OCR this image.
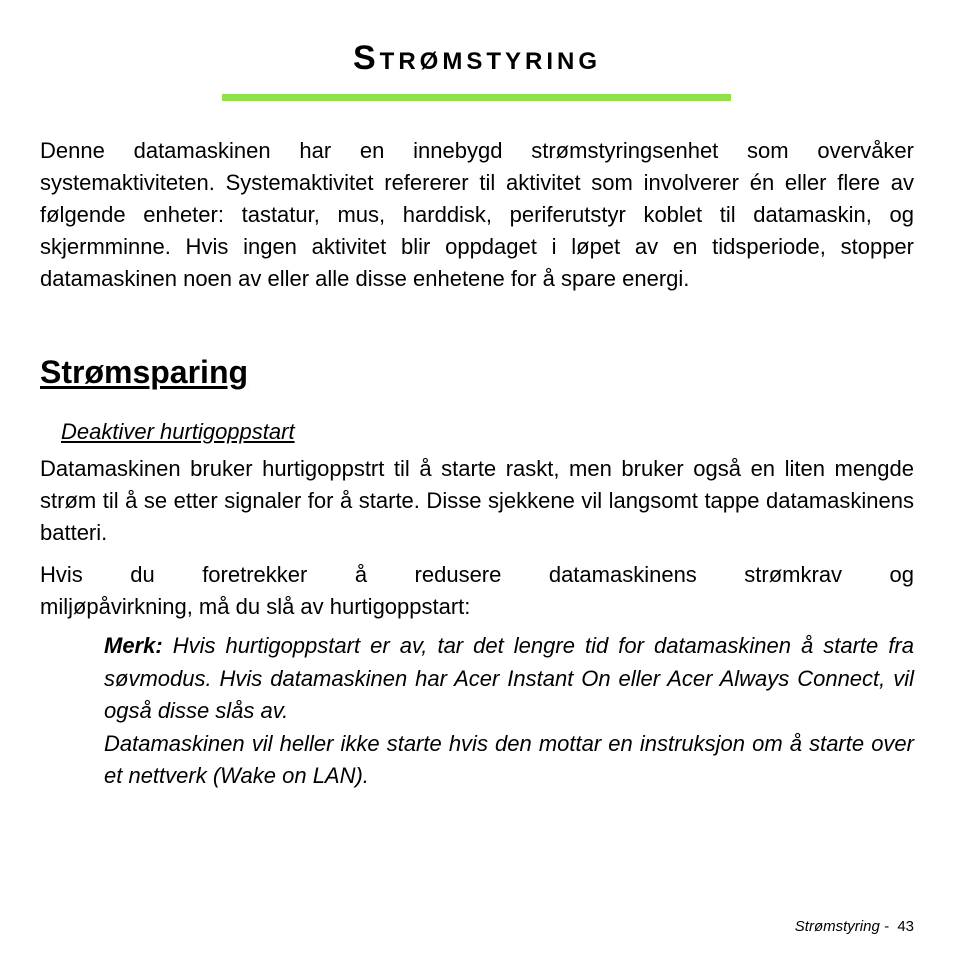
Strømstyring

Denne datamaskinen har en innebygd strømstyringsenhet som overvåker systemaktiviteten. Systemaktivitet refererer til aktivitet som involverer én eller flere av følgende enheter: tastatur, mus, harddisk, periferutstyr koblet til datamaskin, og skjermminne. Hvis ingen aktivitet blir oppdaget i løpet av en tidsperiode, stopper datamaskinen noen av eller alle disse enhetene for å spare energi.

Strømsparing

Deaktiver hurtigoppstart

Datamaskinen bruker hurtigoppstrt til å starte raskt, men bruker også en liten mengde strøm til å se etter signaler for å starte. Disse sjekkene vil langsomt tappe datamaskinens batteri.

Hvis du foretrekker å redusere datamaskinens strømkrav og
miljøpåvirkning, må du slå av hurtigoppstart:

Merk: Hvis hurtigoppstart er av, tar det lengre tid for datamaskinen å starte fra søvmodus. Hvis datamaskinen har Acer Instant On eller Acer Always Connect, vil også disse slås av.
Datamaskinen vil heller ikke starte hvis den mottar en instruksjon om å starte over et nettverk (Wake on LAN).

Strømstyring - 43
